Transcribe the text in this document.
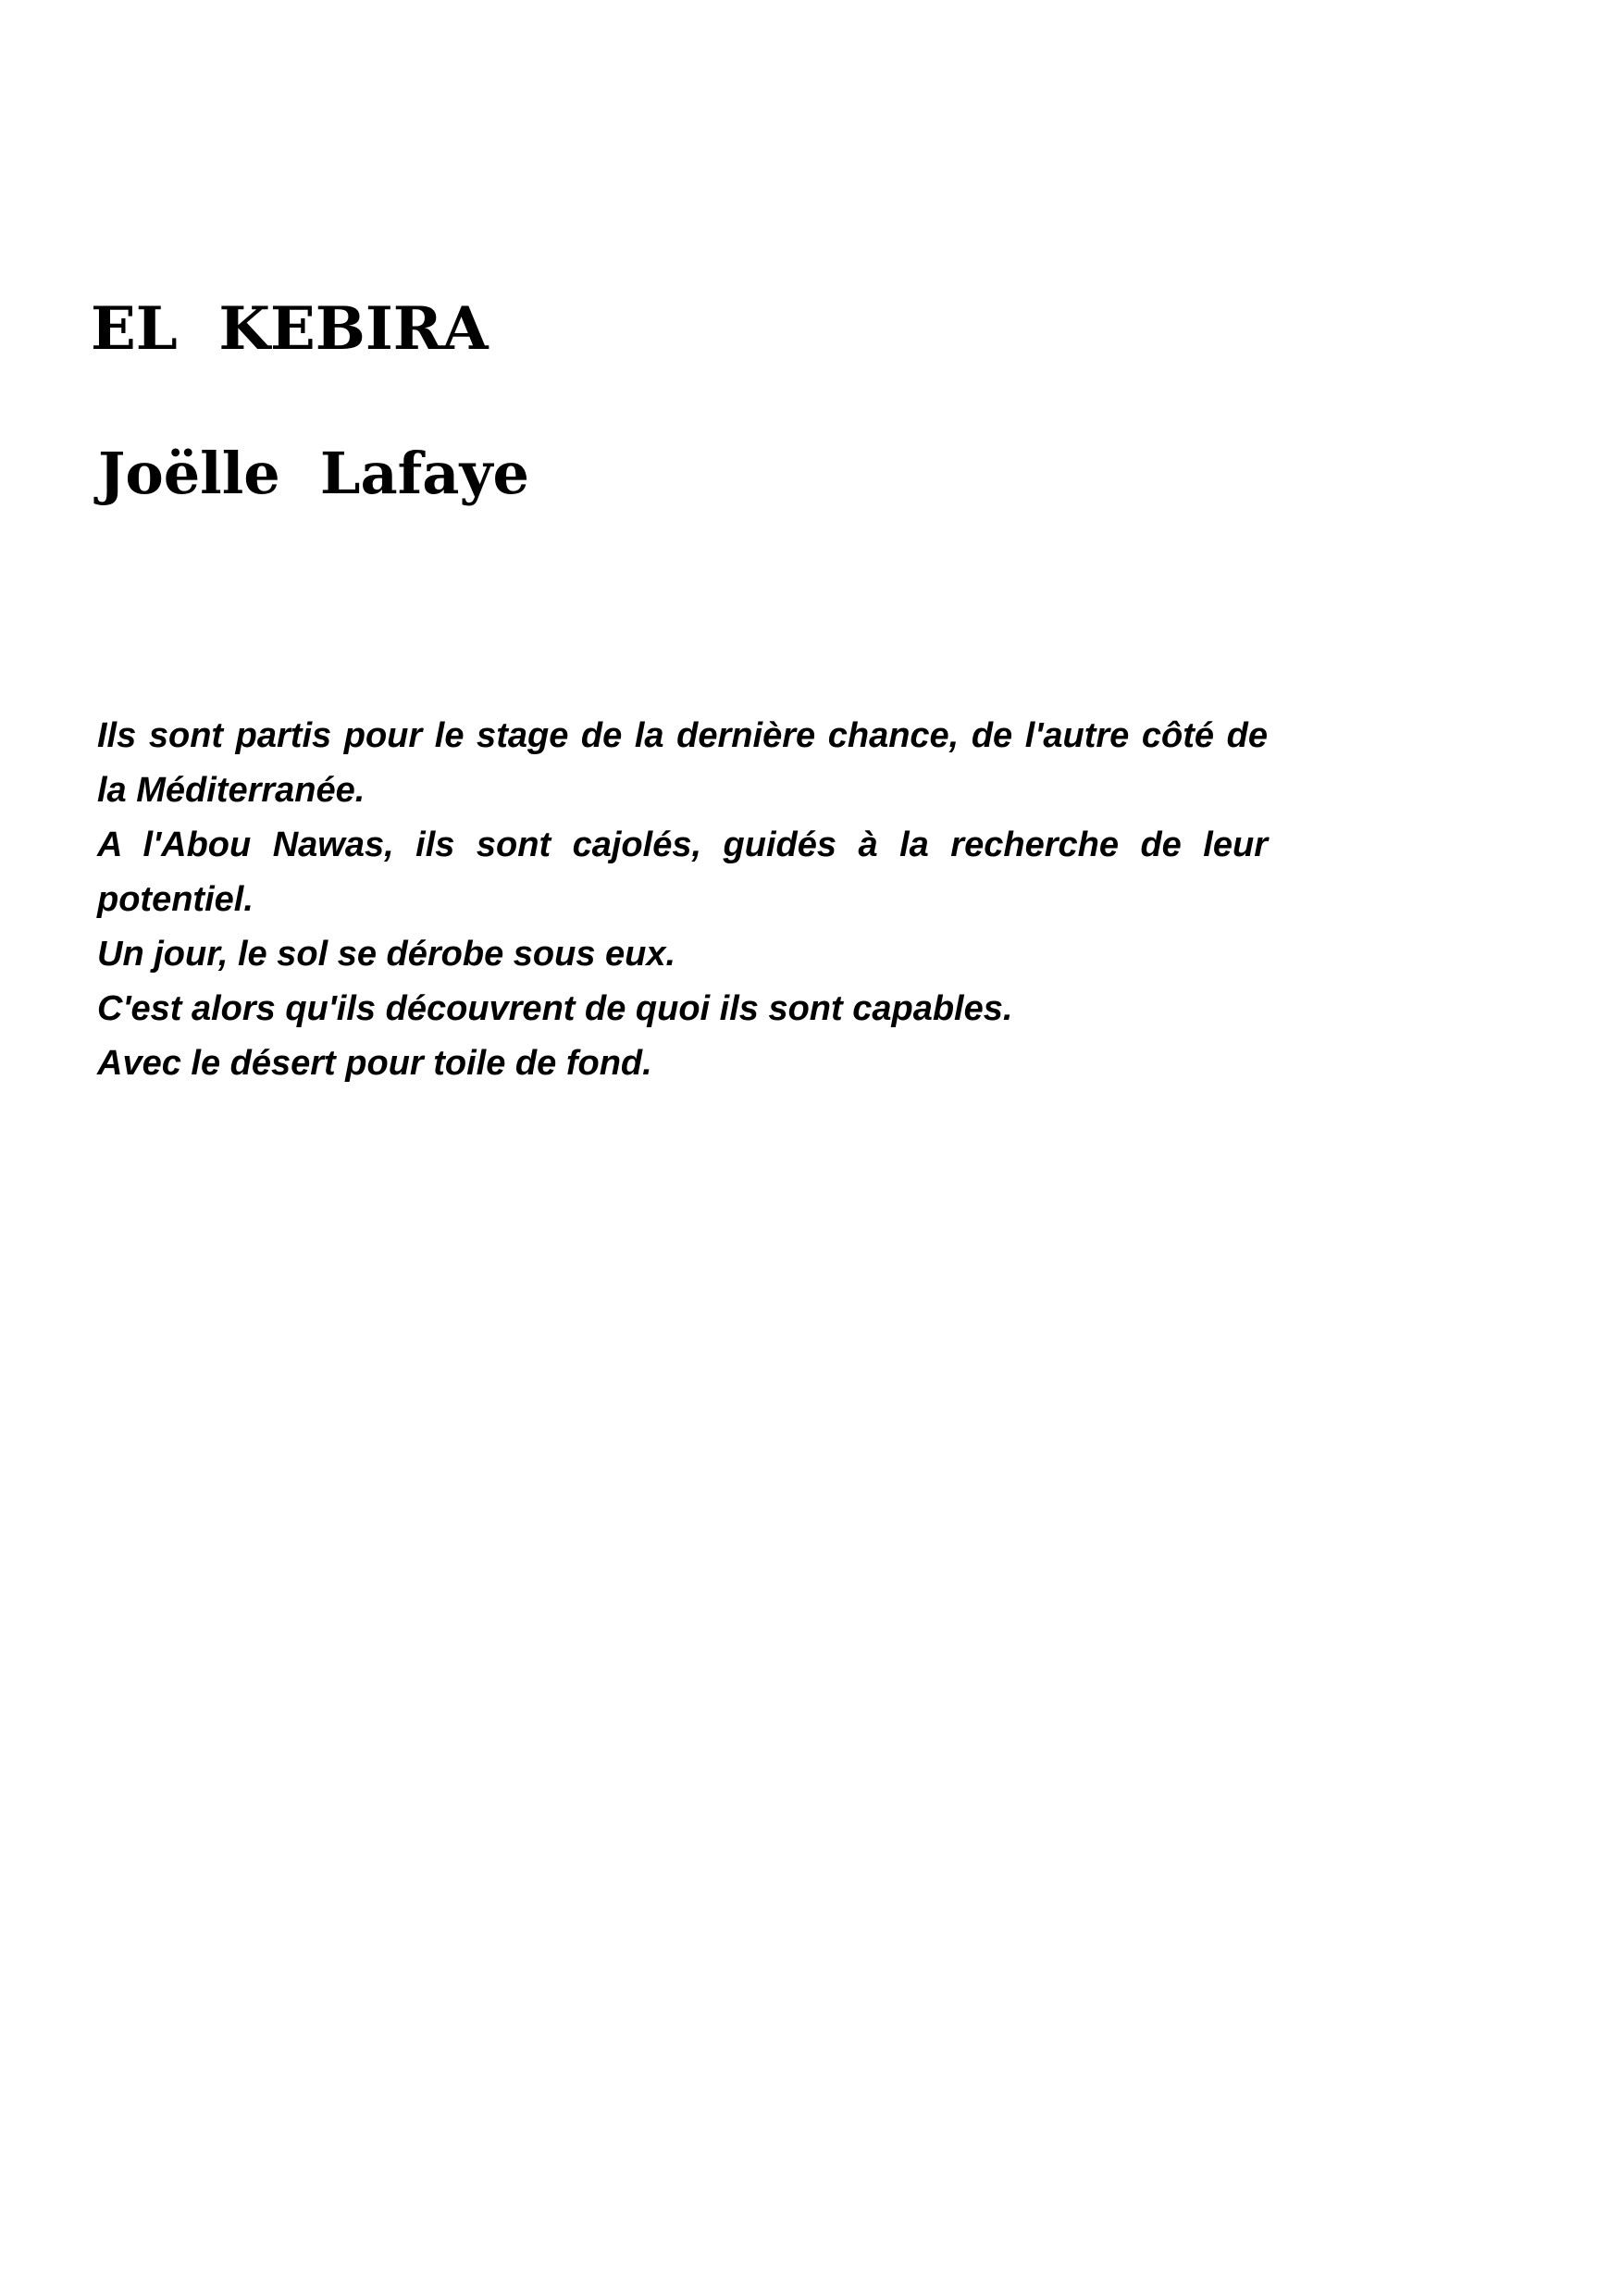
EL  KEBIRA
Joëlle  Lafaye

Ils sont partis pour le stage de la dernière chance, de l'autre côté de la Méditerranée.

A l'Abou Nawas, ils sont cajolés, guidés à la recherche de leur potentiel.

Un jour, le sol se dérobe sous eux.

C'est alors qu'ils découvrent de quoi ils sont capables.

Avec le désert pour toile de fond.
